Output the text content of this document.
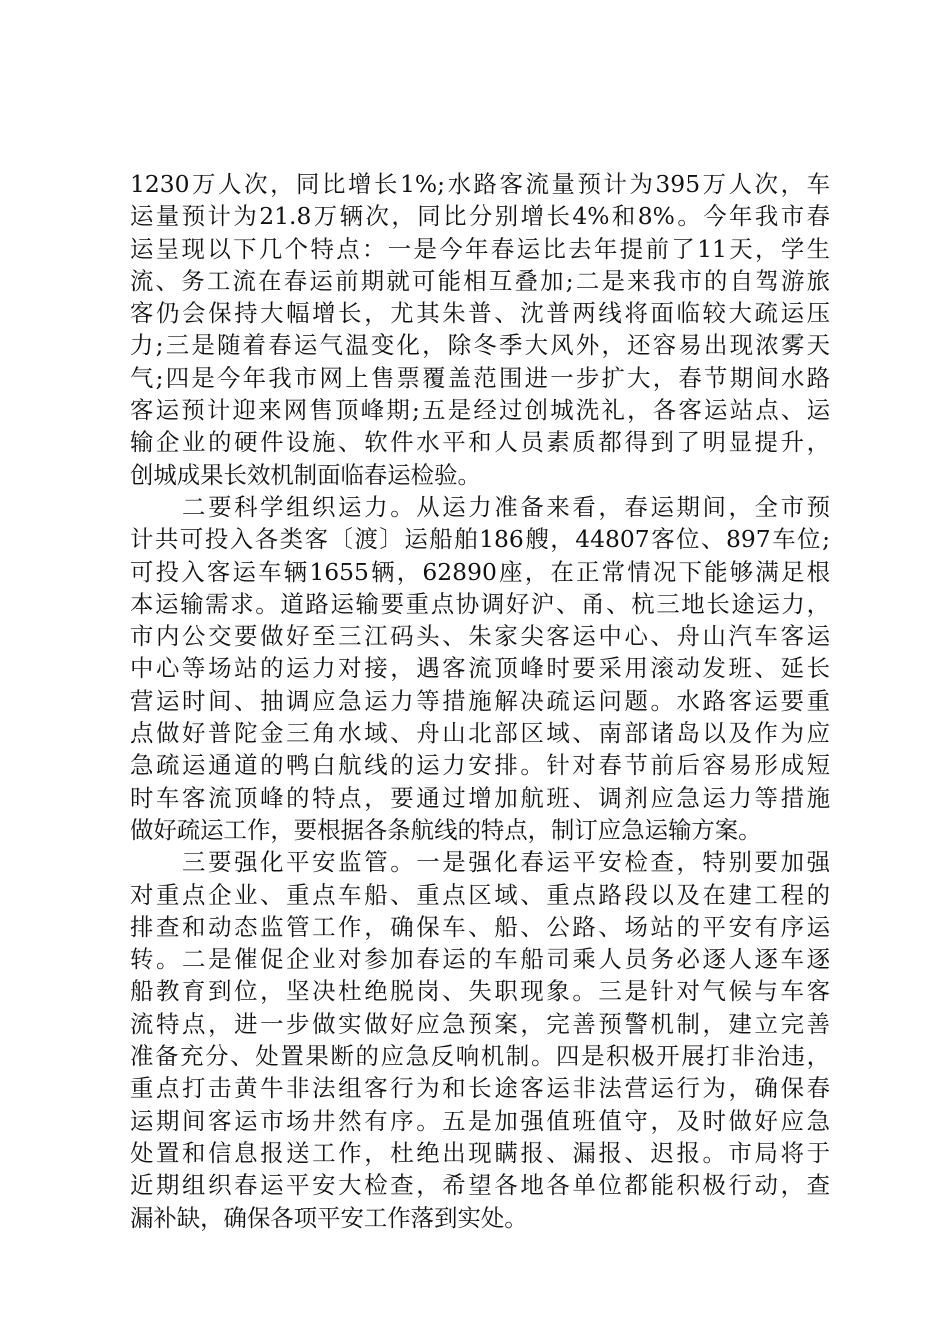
1230万人次，同比增长1%;水路客流量预计为395万人次，车
运量预计为21.8万辆次，同比分别增长4%和8%。今年我市春
运呈现以下几个特点：一是今年春运比去年提前了11天，学生
流、务工流在春运前期就可能相互叠加;二是来我市的自驾游旅
客仍会保持大幅增长，尤其朱普、沈普两线将面临较大疏运压
力;三是随着春运气温变化，除冬季大风外，还容易出现浓雾天
气;四是今年我市网上售票覆盖范围进一步扩大，春节期间水路
客运预计迎来网售顶峰期;五是经过创城洗礼，各客运站点、运
输企业的硬件设施、软件水平和人员素质都得到了明显提升，
创城成果长效机制面临春运检验。
　　二要科学组织运力。从运力准备来看，春运期间，全市预
计共可投入各类客〔渡〕运船舶186艘，44807客位、897车位;
可投入客运车辆1655辆，62890座，在正常情况下能够满足根
本运输需求。道路运输要重点协调好沪、甬、杭三地长途运力，
市内公交要做好至三江码头、朱家尖客运中心、舟山汽车客运
中心等场站的运力对接，遇客流顶峰时要采用滚动发班、延长
营运时间、抽调应急运力等措施解决疏运问题。水路客运要重
点做好普陀金三角水域、舟山北部区域、南部诸岛以及作为应
急疏运通道的鸭白航线的运力安排。针对春节前后容易形成短
时车客流顶峰的特点，要通过增加航班、调剂应急运力等措施
做好疏运工作，要根据各条航线的特点，制订应急运输方案。
　　三要强化平安监管。一是强化春运平安检查，特别要加强
对重点企业、重点车船、重点区域、重点路段以及在建工程的
排查和动态监管工作，确保车、船、公路、场站的平安有序运
转。二是催促企业对参加春运的车船司乘人员务必逐人逐车逐
船教育到位，坚决杜绝脱岗、失职现象。三是针对气候与车客
流特点，进一步做实做好应急预案，完善预警机制，建立完善
准备充分、处置果断的应急反响机制。四是积极开展打非治违，
重点打击黄牛非法组客行为和长途客运非法营运行为，确保春
运期间客运市场井然有序。五是加强值班值守，及时做好应急
处置和信息报送工作，杜绝出现瞒报、漏报、迟报。市局将于
近期组织春运平安大检查，希望各地各单位都能积极行动，查
漏补缺，确保各项平安工作落到实处。
